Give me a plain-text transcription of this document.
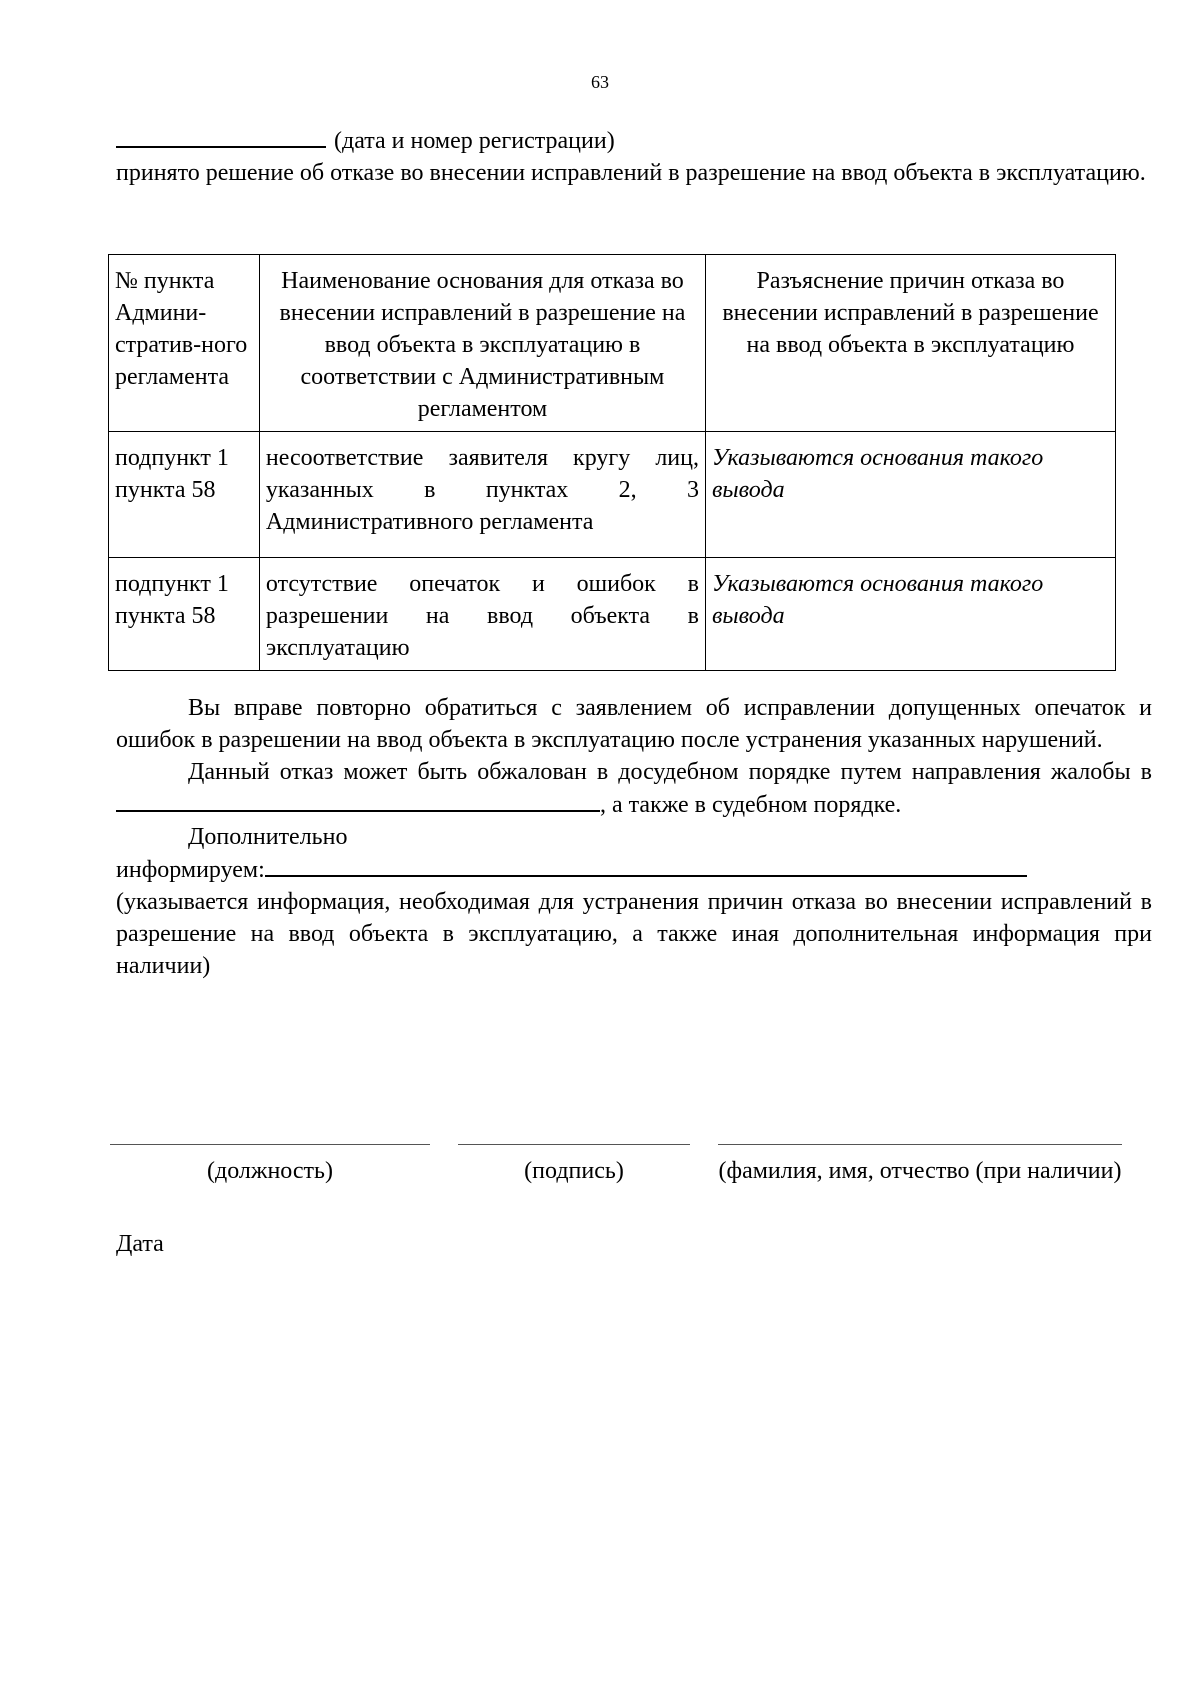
63
(дата и номер регистрации)

принято решение об отказе во внесении исправлений в разрешение на ввод объекта в эксплуатацию.

№ пункта Админи-стратив-ного регламента	Наименование основания для отказа во внесении исправлений в разрешение на ввод объекта в эксплуатацию в соответствии с Административным регламентом	Разъяснение причин отказа во внесении исправлений в разрешение на ввод объекта в эксплуатацию
подпункт 1 пункта 58	несоответствие заявителя кругу лиц, указанных в пунктах 2, 3 Административного регламента	Указываются основания такого вывода
подпункт 1 пункта 58	отсутствие опечаток и ошибок в разрешении на ввод объекта в эксплуатацию	Указываются основания такого вывода

Вы вправе повторно обратиться с заявлением об исправлении допущенных опечаток и ошибок в разрешении на ввод объекта в эксплуатацию после устранения указанных нарушений.

Данный отказ может быть обжалован в досудебном порядке путем направления жалобы в , а также в судебном порядке.

Дополнительно

информируем:

(указывается информация, необходимая для устранения причин отказа во внесении исправлений в разрешение на ввод объекта в эксплуатацию, а также иная дополнительная информация при наличии)

(должность)	(подпись)	(фамилия, имя, отчество (при наличии)
Дата
